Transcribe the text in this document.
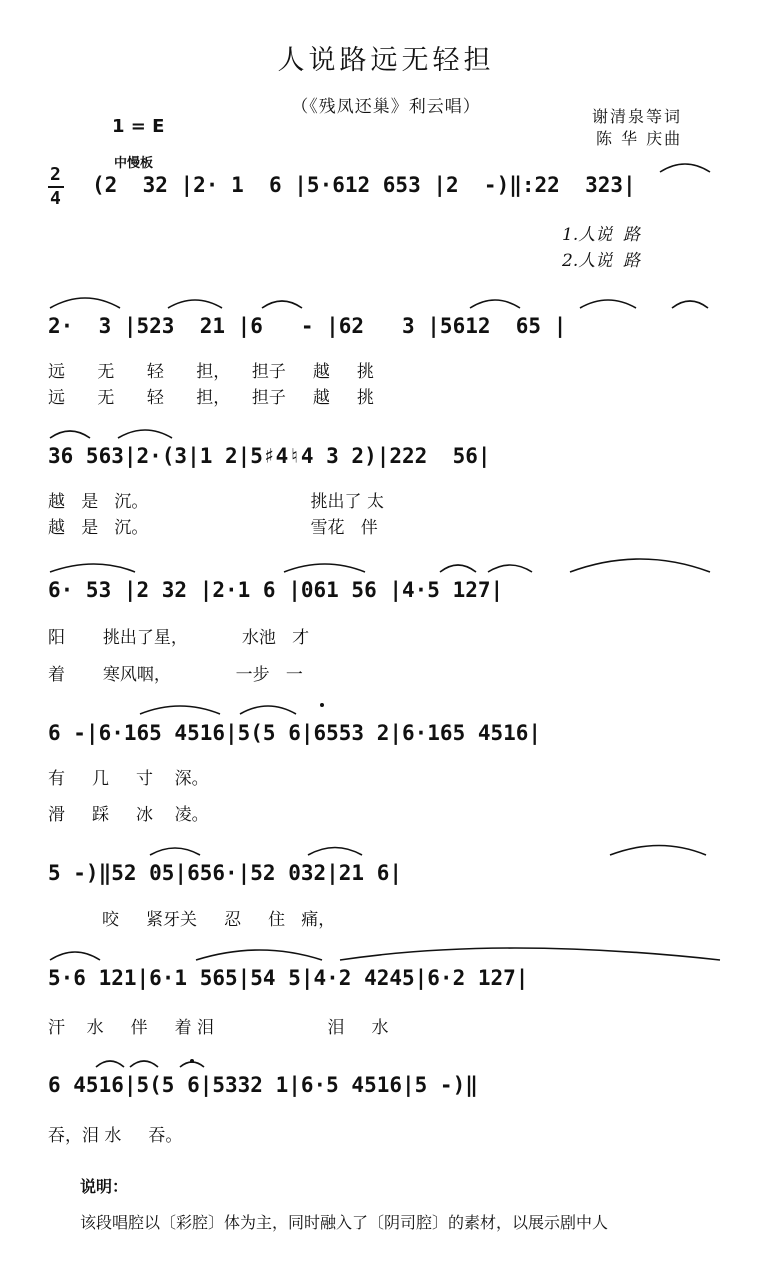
人说路远无轻担
（《残凤还巢》利云唱）	谢清泉等词
陈 华 庆曲
1 = E
中慢板
2
4
(2  32 |2· 1  6 |5·612 653 |2  -)‖:22  323|
1.人说  路
2.人说  路
2·  3 |523  21 |6   - |62   3 |5612  65 |
远      无      轻      担，    担子     越     挑
远      无      轻      担，    担子     越     挑
36 563|2·(3|1 2|5♯4♮4 3 2)|222  56|
越   是   沉。                              挑出了 太
越   是   沉。                              雪花   伴
6· 53 |2 32 |2·1 6 |061 56 |4·5 127|
阳       挑出了星，          水池   才
着       寒风咽，            一步   一
6 -|6·165 4516|5(5 6|6553 2|6·165 4516|
有     几     寸    深。
滑     踩     冰    凌。
5 -)‖52 05|656·|52 032|21 6|
咬     紧牙关     忍     住   痛，
5·6 121|6·1 565|54 5|4·2 4245|6·2 127|
汗    水     伴     着 泪                     泪     水
6 4516|5(5 6|5332 1|6·5 4516|5 -)‖
吞，泪 水     吞。
说明：
该段唱腔以〔彩腔〕体为主，同时融入了〔阴司腔〕的素材，以展示剧中人
